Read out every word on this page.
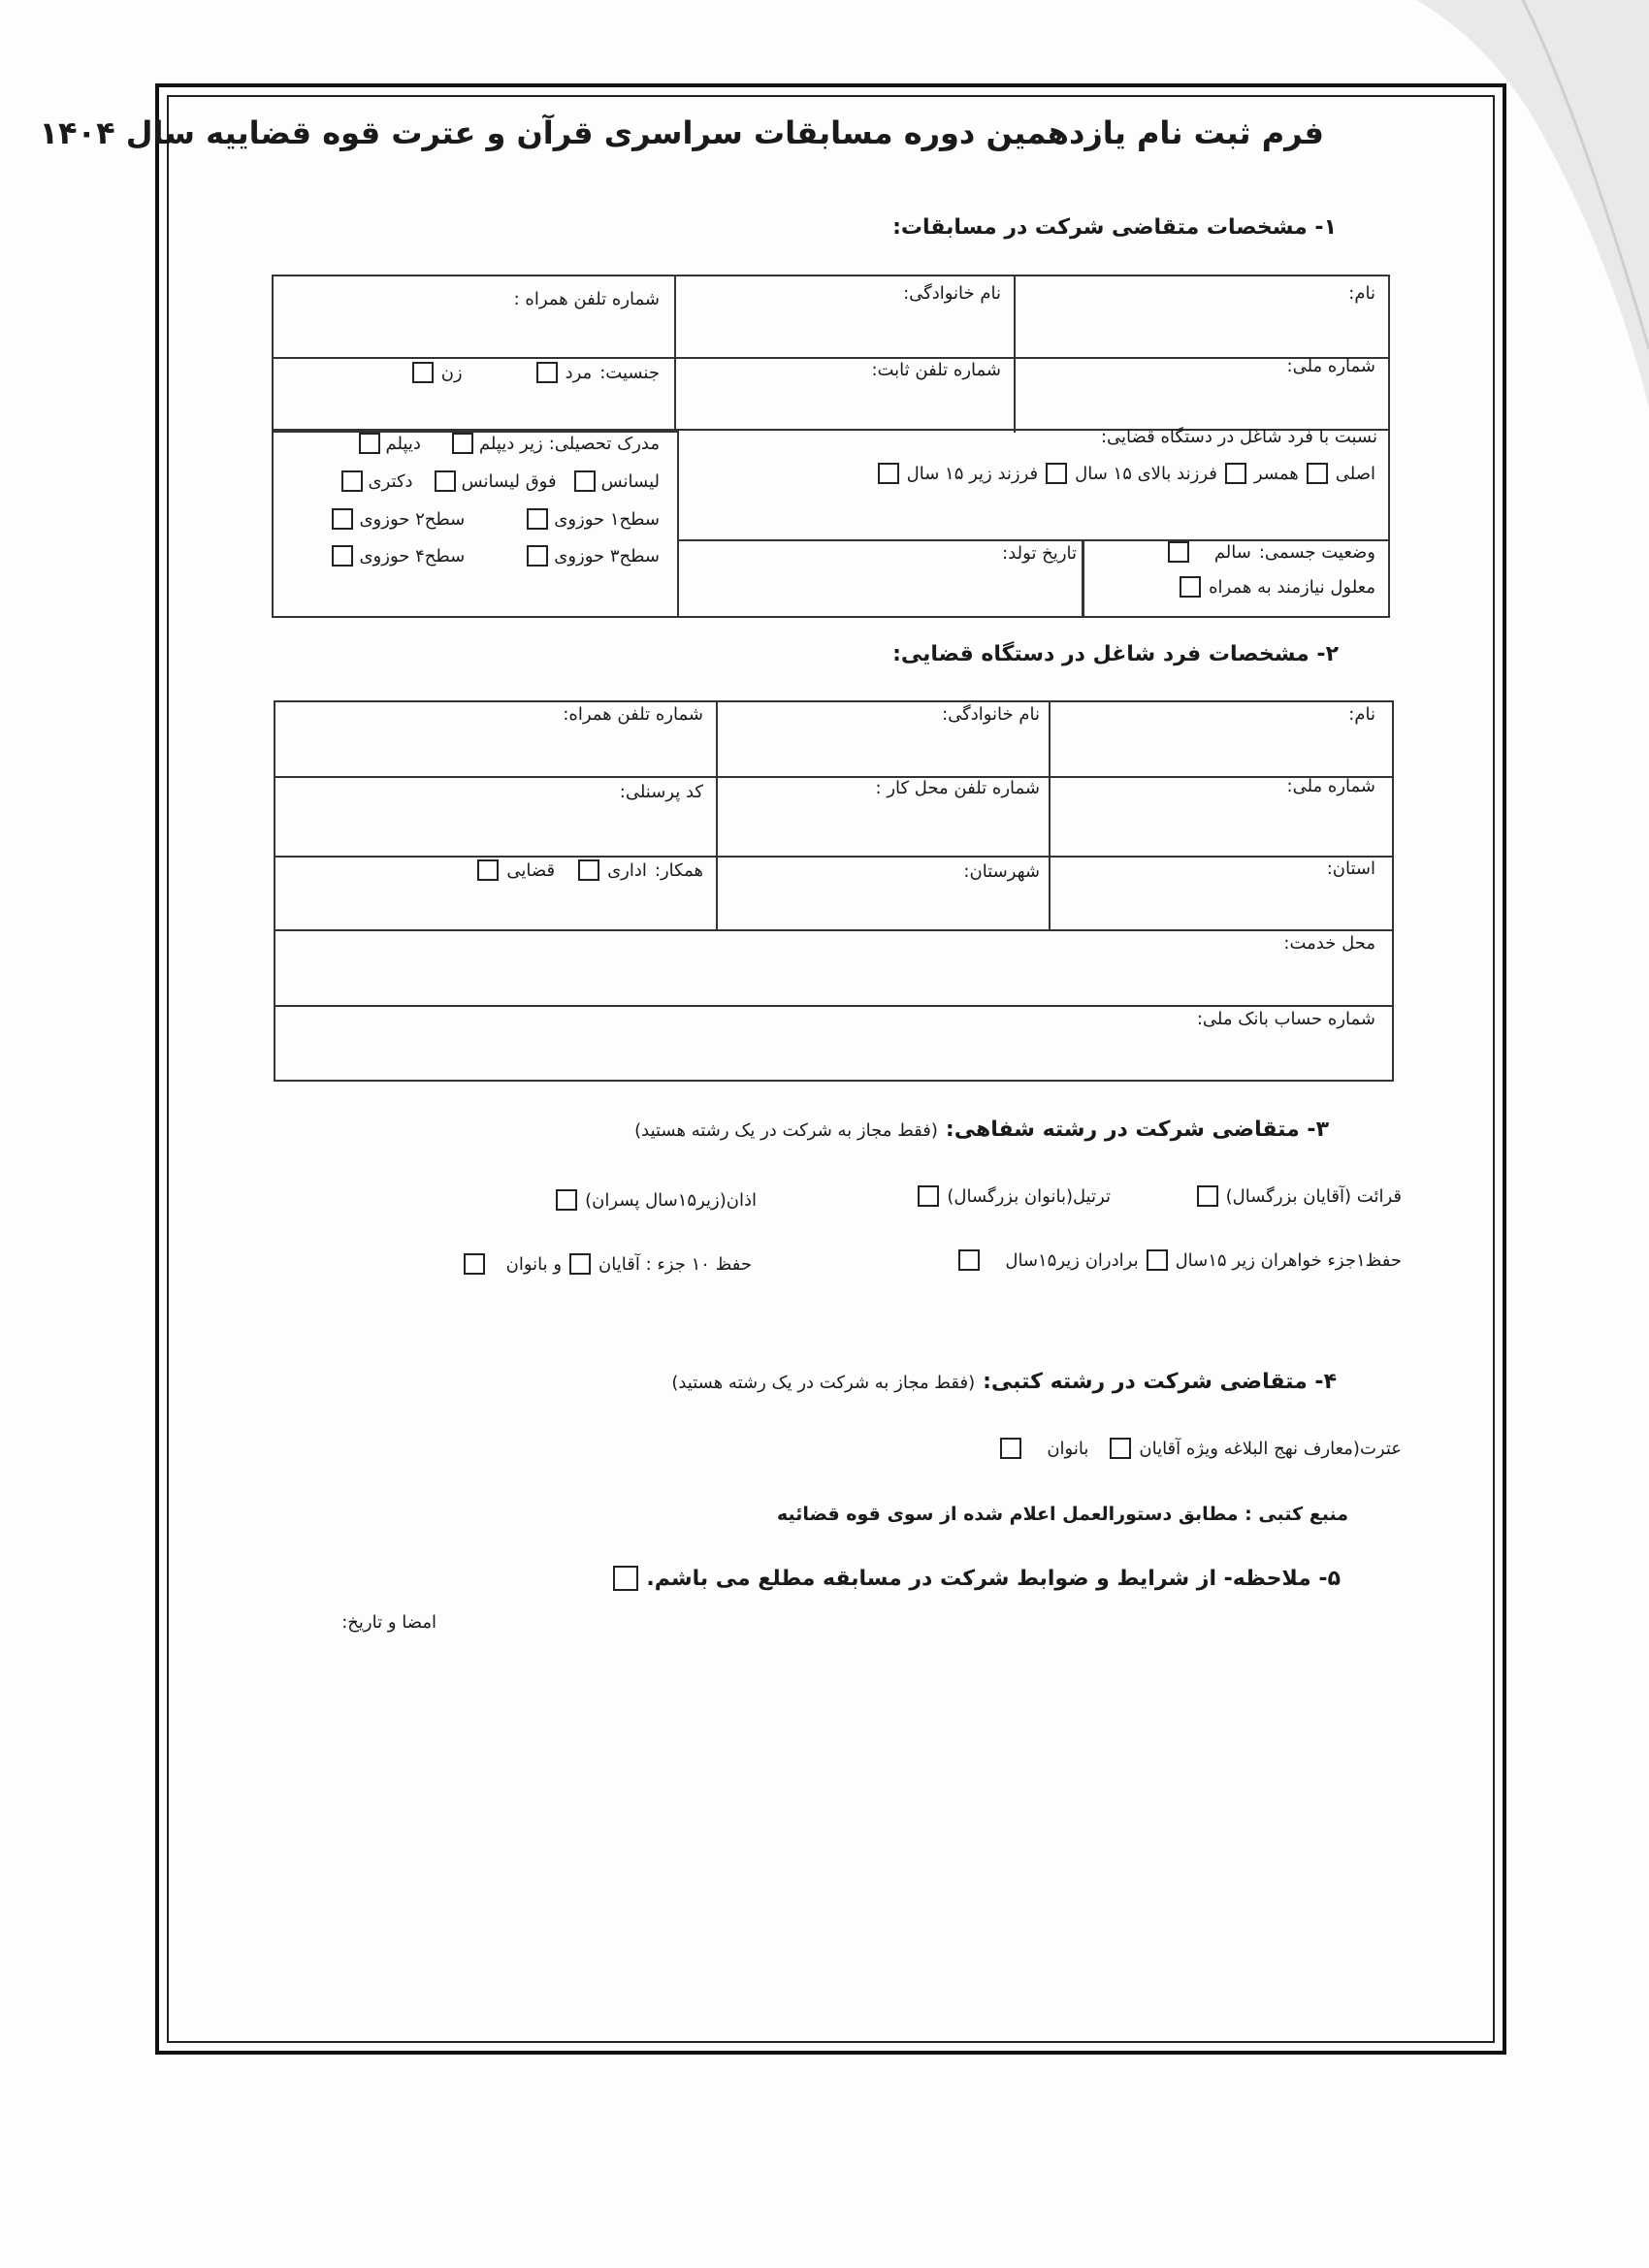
فرم ثبت نام یازدهمین دوره مسابقات سراسری قرآن و عترت قوه قضاییه سال ۱۴۰۴
۱- مشخصات متقاضی شرکت در مسابقات:
نام:
نام خانوادگی:
شماره تلفن همراه :
شماره ملی:
شماره تلفن ثابت:
جنسیت:
مرد
زن
نسبت با فرد شاغل در دستگاه قضایی:
اصلی
همسر
فرزند بالای ۱۵ سال
فرزند زیر ۱۵ سال
مدرک تحصیلی:
زیر دیپلم
دیپلم
لیسانس
فوق لیسانس
دکتری
سطح۱ حوزوی
سطح۲ حوزوی
سطح۳ حوزوی
سطح۴ حوزوی	وضعیت جسمی:
سالم
معلول نیازمند به همراه
تاریخ تولد:
۲- مشخصات فرد شاغل در دستگاه قضایی:
نام:
نام خانوادگی:
شماره تلفن همراه:
شماره ملی:
شماره تلفن محل کار :
کد پرسنلی:
استان:
شهرستان:
همکار:
اداری
قضایی
محل خدمت:
شماره حساب بانک ملی:
۳- متقاضی شرکت در رشته شفاهی:
(فقط مجاز به شرکت در یک رشته هستید)
قرائت (آقایان بزرگسال)
ترتیل(بانوان بزرگسال)
اذان(زیر۱۵سال پسران)
حفظ۱جزء خواهران زیر ۱۵سال
برادران زیر۱۵سال
حفظ ۱۰ جزء : آقایان
و بانوان
۴- متقاضی شرکت در رشته کتبی:
(فقط مجاز به شرکت در یک رشته هستید)
عترت(معارف نهج البلاغه ویژه آقایان
بانوان
منبع کتبی : مطابق دستورالعمل اعلام شده از سوی قوه قضائیه
۵- ملاحظه- از شرایط و ضوابط شرکت در مسابقه مطلع می باشم.
امضا و تاریخ:
